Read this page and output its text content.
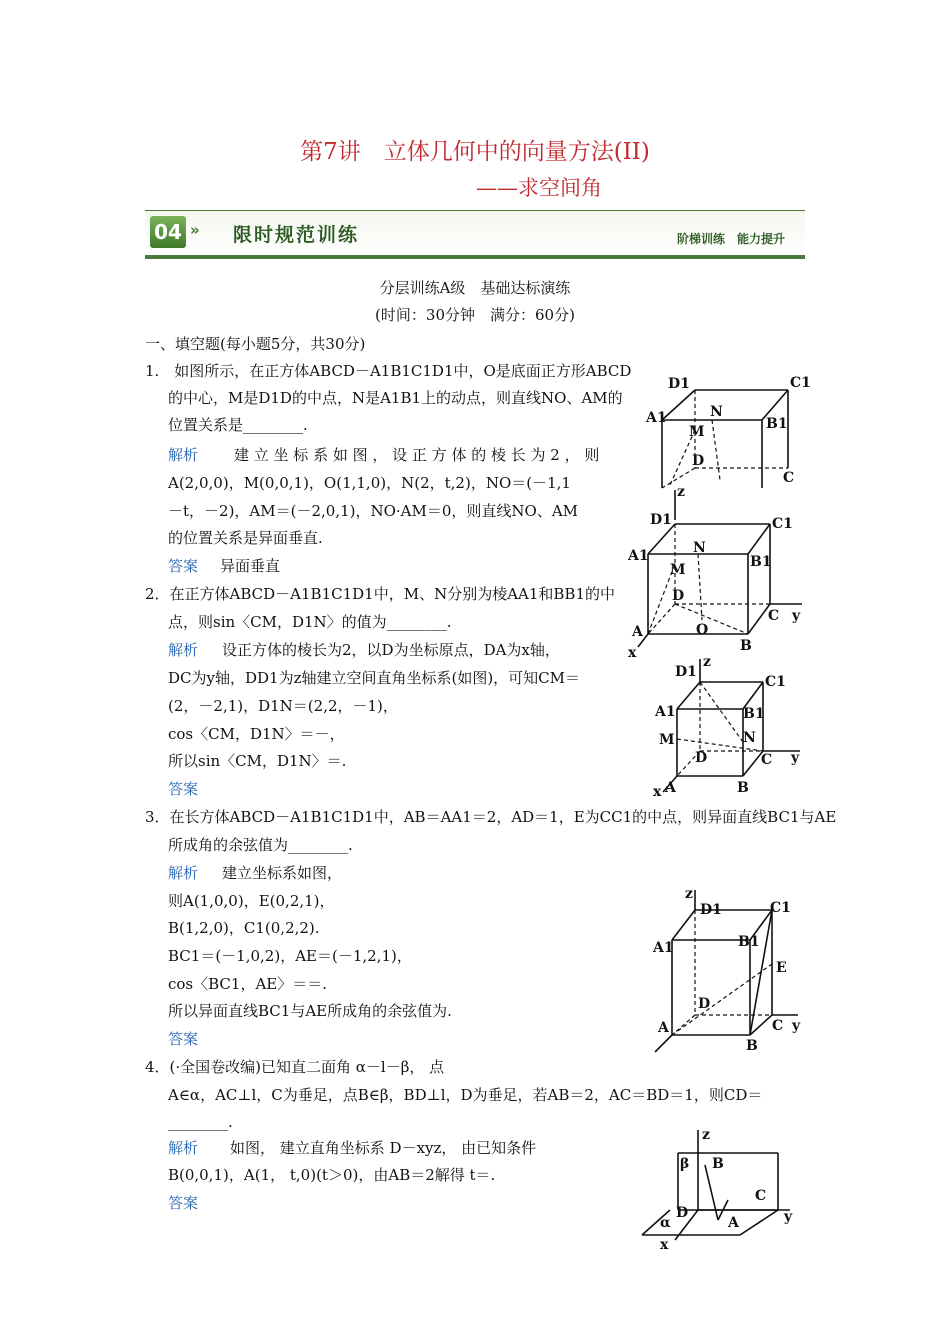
第7讲　立体几何中的向量方法(II)
——求空间角
04 » 限时规范训练	阶梯训练　能力提升
分层训练A级　基础达标演练
(时间：30分钟　满分：60分)
一、填空题(每小题5分，共30分)
1.　如图所示，在正方体ABCD－A1B1C1D1中，O是底面正方形ABCD
的中心，M是D1D的中点，N是A1B1上的动点，则直线NO、AM的
位置关系是________.
解析 建 立 坐 标 系 如 图 ， 设 正 方 体 的 棱 长 为 2 ， 则
A(2,0,0)，M(0,0,1)，O(1,1,0)，N(2，t,2)，NO＝(－1,1
－t，－2)，AM＝(－2,0,1)，NO·AM＝0，则直线NO、AM
的位置关系是异面垂直.
答案 异面垂直
2．在正方体ABCD－A1B1C1D1中，M、N分别为棱AA1和BB1的中
点，则sin〈CM，D1N〉的值为________.
解析 设正方体的棱长为2，以D为坐标原点，DA为x轴，
DC为y轴，DD1为z轴建立空间直角坐标系(如图)，可知CM＝
(2，－2,1)，D1N＝(2,2，－1)，
cos〈CM，D1N〉＝－，
所以sin〈CM，D1N〉＝.
答案
3．在长方体ABCD－A1B1C1D1中，AB＝AA1＝2，AD＝1，E为CC1的中点，则异面直线BC1与AE
所成角的余弦值为________.
解析 建立坐标系如图，
则A(1,0,0)，E(0,2,1)，
B(1,2,0)，C1(0,2,2).
BC1＝(－1,0,2)，AE＝(－1,2,1)，
cos〈BC1，AE〉＝＝.
所以异面直线BC1与AE所成角的余弦值为.
答案
4．(·全国卷改编)已知直二面角 α－l－β， 点
A∈α，AC⊥l，C为垂足，点B∈β，BD⊥l，D为垂足，若AB＝2，AC＝BD＝1，则CD＝
________.
解析 如图， 建立直角坐标系 D－xyz， 由已知条件
B(0,0,1)，A(1， t,0)(t＞0)，由AB＝2解得 t＝.
答案
D1	C1
A1	B1
N
M
D
C
z
D1	C1
A1	B1
N
M
D
C y
A	O
B
x
z
D1
C1
A1	B1
M	N
D	C y
x A	B
z
D1	C1
A1	B1
E
D
A	C y
B
z
β B
C
α
D
A	y
x
